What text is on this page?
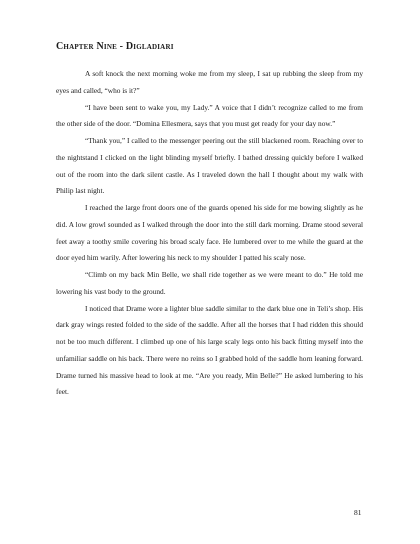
Chapter Nine - Digladiari

A soft knock the next morning woke me from my sleep, I sat up rubbing the sleep from my eyes and called, “who is it?”

“I have been sent to wake you, my Lady.” A voice that I didn’t recognize called to me from the other side of the door. “Domina Ellesmera, says that you must get ready for your day now.”

“Thank you,” I called to the messenger peering out the still blackened room. Reaching over to the nightstand I clicked on the light blinding myself briefly. I bathed dressing quickly before I walked out of the room into the dark silent castle. As I traveled down the hall I thought about my walk with Philip last night.

I reached the large front doors one of the guards opened his side for me bowing slightly as he did. A low growl sounded as I walked through the door into the still dark morning. Drame stood several feet away a toothy smile covering his broad scaly face. He lumbered over to me while the guard at the door eyed him warily. After lowering his neck to my shoulder I patted his scaly nose.

“Climb on my back Min Belle, we shall ride together as we were meant to do.” He told me lowering his vast body to the ground.

I noticed that Drame wore a lighter blue saddle similar to the dark blue one in Teli’s shop. His dark gray wings rested folded to the side of the saddle. After all the horses that I had ridden this should not be too much different. I climbed up one of his large scaly legs onto his back fitting myself into the unfamiliar saddle on his back. There were no reins so I grabbed hold of the saddle horn leaning forward. Drame turned his massive head to look at me. “Are you ready, Min Belle?” He asked lumbering to his feet.

81
